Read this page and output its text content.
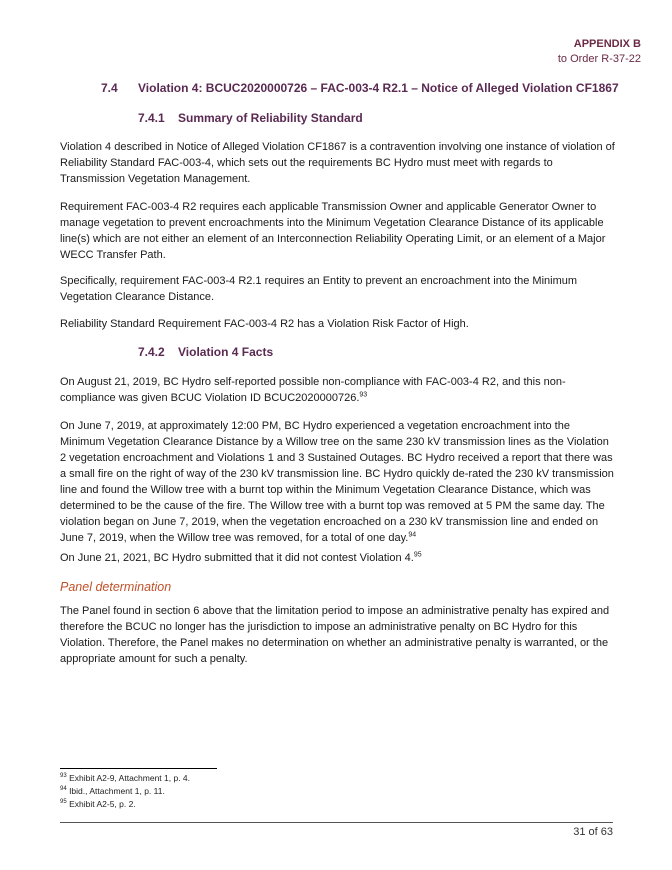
APPENDIX B
to Order R-37-22
7.4 Violation 4: BCUC2020000726 – FAC-003-4 R2.1 – Notice of Alleged Violation CF1867
7.4.1 Summary of Reliability Standard

Violation 4 described in Notice of Alleged Violation CF1867 is a contravention involving one instance of violation of Reliability Standard FAC-003-4, which sets out the requirements BC Hydro must meet with regards to Transmission Vegetation Management.

Requirement FAC-003-4 R2 requires each applicable Transmission Owner and applicable Generator Owner to manage vegetation to prevent encroachments into the Minimum Vegetation Clearance Distance of its applicable line(s) which are not either an element of an Interconnection Reliability Operating Limit, or an element of a Major WECC Transfer Path.

Specifically, requirement FAC-003-4 R2.1 requires an Entity to prevent an encroachment into the Minimum Vegetation Clearance Distance.

Reliability Standard Requirement FAC-003-4 R2 has a Violation Risk Factor of High.

7.4.2 Violation 4 Facts

On August 21, 2019, BC Hydro self-reported possible non-compliance with FAC-003-4 R2, and this non-compliance was given BCUC Violation ID BCUC2020000726.93

On June 7, 2019, at approximately 12:00 PM, BC Hydro experienced a vegetation encroachment into the Minimum Vegetation Clearance Distance by a Willow tree on the same 230 kV transmission lines as the Violation 2 vegetation encroachment and Violations 1 and 3 Sustained Outages. BC Hydro received a report that there was a small fire on the right of way of the 230 kV transmission line. BC Hydro quickly de-rated the 230 kV transmission line and found the Willow tree with a burnt top within the Minimum Vegetation Clearance Distance, which was determined to be the cause of the fire. The Willow tree with a burnt top was removed at 5 PM the same day. The violation began on June 7, 2019, when the vegetation encroached on a 230 kV transmission line and ended on June 7, 2019, when the Willow tree was removed, for a total of one day.$^{94}$

On June 21, 2021, BC Hydro submitted that it did not contest Violation 4.95

Panel determination

The Panel found in section 6 above that the limitation period to impose an administrative penalty has expired and therefore the BCUC no longer has the jurisdiction to impose an administrative penalty on BC Hydro for this Violation. Therefore, the Panel makes no determination on whether an administrative penalty is warranted, or the appropriate amount for such a penalty.

$^{93}$ Exhibit A2-9, Attachment 1, p. 4.
$^{94}$ Ibid., Attachment 1, p. 11.
$^{95}$ Exhibit A2-5, p. 2.
31 of 63
